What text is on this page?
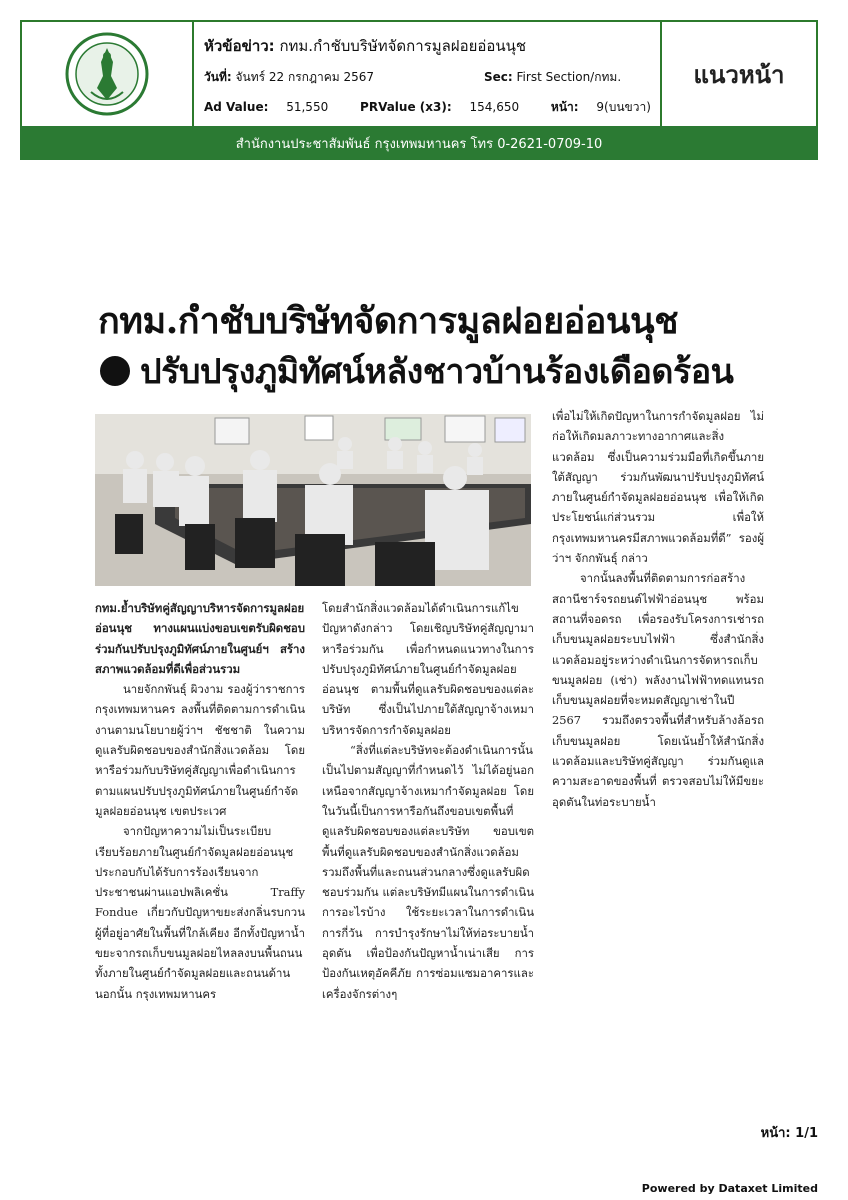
หัวข้อข่าว: กทม.กำชับบริษัทจัดการมูลฝอยอ่อนนุช
วันที่: จันทร์ 22 กรกฎาคม 2567	Sec: First Section/กทม.
Ad Value: 51,550	PRValue (x3): 154,650	หน้า: 9(บนขวา)
แนวหน้า
สำนักงานประชาสัมพันธ์ กรุงเทพมหานคร โทร 0-2621-0709-10
กทม.กำชับบริษัทจัดการมูลฝอยอ่อนนุช
ปรับปรุงภูมิทัศน์หลังชาวบ้านร้องเดือดร้อน

กทม.ย้ำบริษัทคู่สัญญาบริหารจัดการมูลฝอยอ่อนนุช ทางแผนแบ่งขอบเขตรับผิดชอบ ร่วมกันปรับปรุงภูมิทัศน์ภายในศูนย์ฯ สร้างสภาพแวดล้อมที่ดีเพื่อส่วนรวม

นายจักกพันธุ์ ผิวงาม รองผู้ว่าราชการกรุงเทพมหานคร ลงพื้นที่ติดตามการดำเนินงานตามนโยบายผู้ว่าฯ ชัชชาติ ในความดูแลรับผิดชอบของสำนักสิ่งแวดล้อม โดยหารือร่วมกับบริษัทคู่สัญญาเพื่อดำเนินการตามแผนปรับปรุงภูมิทัศน์ภายในศูนย์กำจัดมูลฝอยอ่อนนุช เขตประเวศ

จากปัญหาความไม่เป็นระเบียบเรียบร้อยภายในศูนย์กำจัดมูลฝอยอ่อนนุช ประกอบกับได้รับการร้องเรียนจากประชาชนผ่านแอปพลิเคชั่น Traffy Fondue เกี่ยวกับปัญหาขยะส่งกลิ่นรบกวนผู้ที่อยู่อาศัยในพื้นที่ใกล้เคียง อีกทั้งปัญหาน้ำขยะจากรถเก็บขนมูลฝอยไหลลงบนพื้นถนนทั้งภายในศูนย์กำจัดมูลฝอยและถนนด้านนอกนั้น กรุงเทพมหานคร

โดยสำนักสิ่งแวดล้อมได้ดำเนินการแก้ไขปัญหาดังกล่าว โดยเชิญบริษัทคู่สัญญามาหารือร่วมกัน เพื่อกำหนดแนวทางในการปรับปรุงภูมิทัศน์ภายในศูนย์กำจัดมูลฝอยอ่อนนุช ตามพื้นที่ดูแลรับผิดชอบของแต่ละบริษัท ซึ่งเป็นไปภายใต้สัญญาจ้างเหมาบริหารจัดการกำจัดมูลฝอย

“สิ่งที่แต่ละบริษัทจะต้องดำเนินการนั้น เป็นไปตามสัญญาที่กำหนดไว้ ไม่ได้อยู่นอกเหนือจากสัญญาจ้างเหมากำจัดมูลฝอย โดยในวันนี้เป็นการหารือกันถึงขอบเขตพื้นที่ดูแลรับผิดชอบของแต่ละบริษัท ขอบเขตพื้นที่ดูแลรับผิดชอบของสำนักสิ่งแวดล้อม รวมถึงพื้นที่และถนนส่วนกลางซึ่งดูแลรับผิดชอบร่วมกัน แต่ละบริษัทมีแผนในการดำเนินการอะไรบ้าง ใช้ระยะเวลาในการดำเนินการกี่วัน การบำรุงรักษาไม่ให้ท่อระบายน้ำอุดตัน เพื่อป้องกันปัญหาน้ำเน่าเสีย การป้องกันเหตุอัคคีภัย การซ่อมแซมอาคารและเครื่องจักรต่างๆ

เพื่อไม่ให้เกิดปัญหาในการกำจัดมูลฝอย ไม่ก่อให้เกิดมลภาวะทางอากาศและสิ่งแวดล้อม ซึ่งเป็นความร่วมมือที่เกิดขึ้นภายใต้สัญญา ร่วมกันพัฒนาปรับปรุงภูมิทัศน์ภายในศูนย์กำจัดมูลฝอยอ่อนนุช เพื่อให้เกิดประโยชน์แก่ส่วนรวม เพื่อให้กรุงเทพมหานครมีสภาพแวดล้อมที่ดี” รองผู้ว่าฯ จักกพันธุ์ กล่าว

จากนั้นลงพื้นที่ติดตามการก่อสร้างสถานีชาร์จรถยนต์ไฟฟ้าอ่อนนุช พร้อมสถานที่จอดรถ เพื่อรองรับโครงการเช่ารถเก็บขนมูลฝอยระบบไฟฟ้า ซึ่งสำนักสิ่งแวดล้อมอยู่ระหว่างดำเนินการจัดหารถเก็บขนมูลฝอย (เช่า) พลังงานไฟฟ้าทดแทนรถเก็บขนมูลฝอยที่จะหมดสัญญาเช่าในปี 2567 รวมถึงตรวจพื้นที่สำหรับล้างล้อรถเก็บขนมูลฝอย โดยเน้นย้ำให้สำนักสิ่งแวดล้อมและบริษัทคู่สัญญา ร่วมกันดูแลความสะอาดของพื้นที่ ตรวจสอบไม่ให้มีขยะอุดตันในท่อระบายน้ำ

หน้า: 1/1
Powered by Dataxet Limited
